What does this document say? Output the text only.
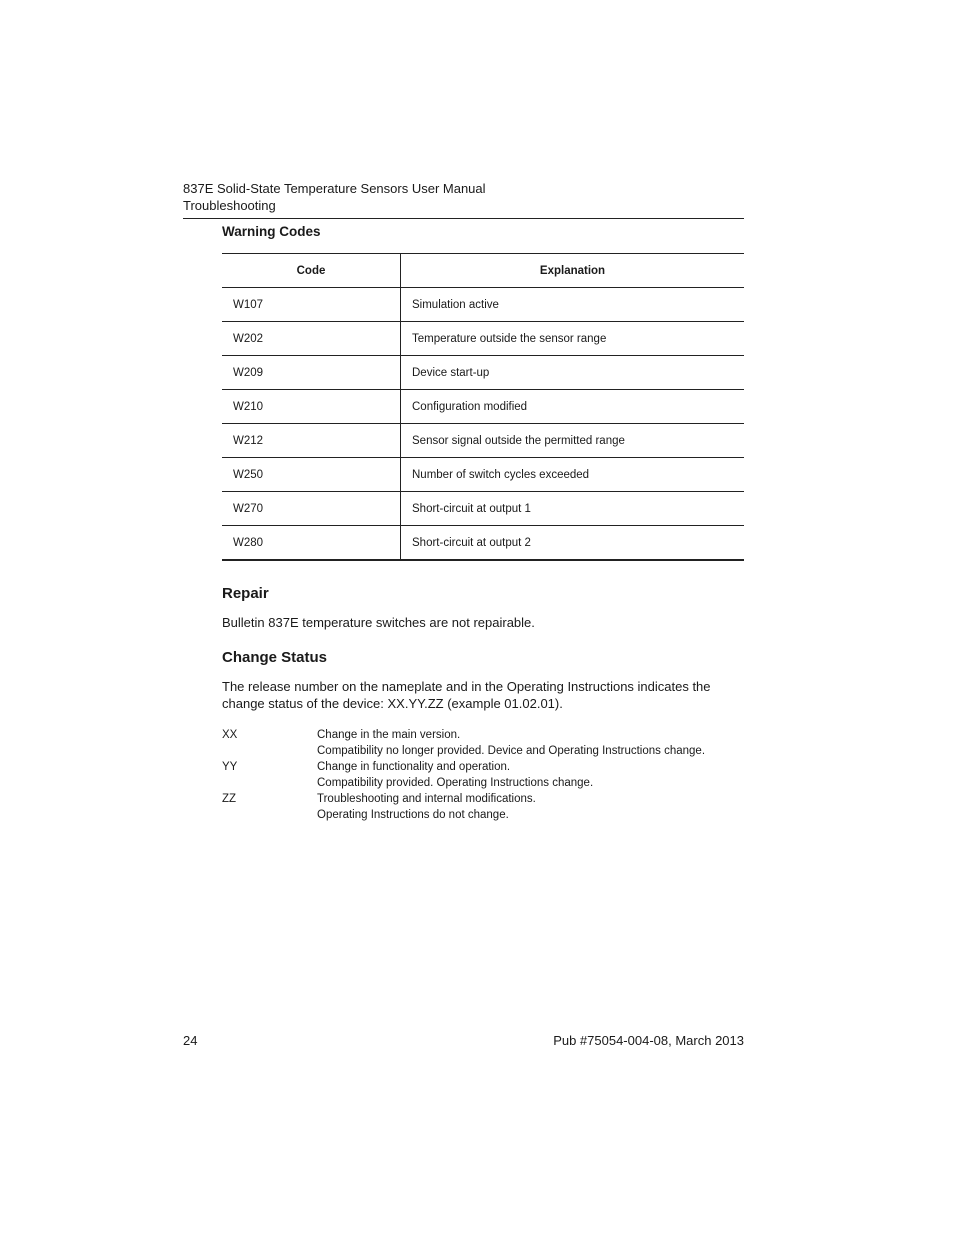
837E Solid-State Temperature Sensors User Manual
Troubleshooting
Warning Codes
Code	Explanation
W107	Simulation active
W202	Temperature outside the sensor range
W209	Device start-up
W210	Configuration modified
W212	Sensor signal outside the permitted range
W250	Number of switch cycles exceeded
W270	Short-circuit at output 1
W280	Short-circuit at output 2
Repair

Bulletin 837E temperature switches are not repairable.

Change Status

The release number on the nameplate and in the Operating Instructions indicates the change status of the device: XX.YY.ZZ (example 01.02.01).

XX	Change in the main version.
Compatibility no longer provided. Device and Operating Instructions change.
YY	Change in functionality and operation.
Compatibility provided. Operating Instructions change.
ZZ	Troubleshooting and internal modifications.
Operating Instructions do not change.
24	Pub #75054-004-08, March 2013
